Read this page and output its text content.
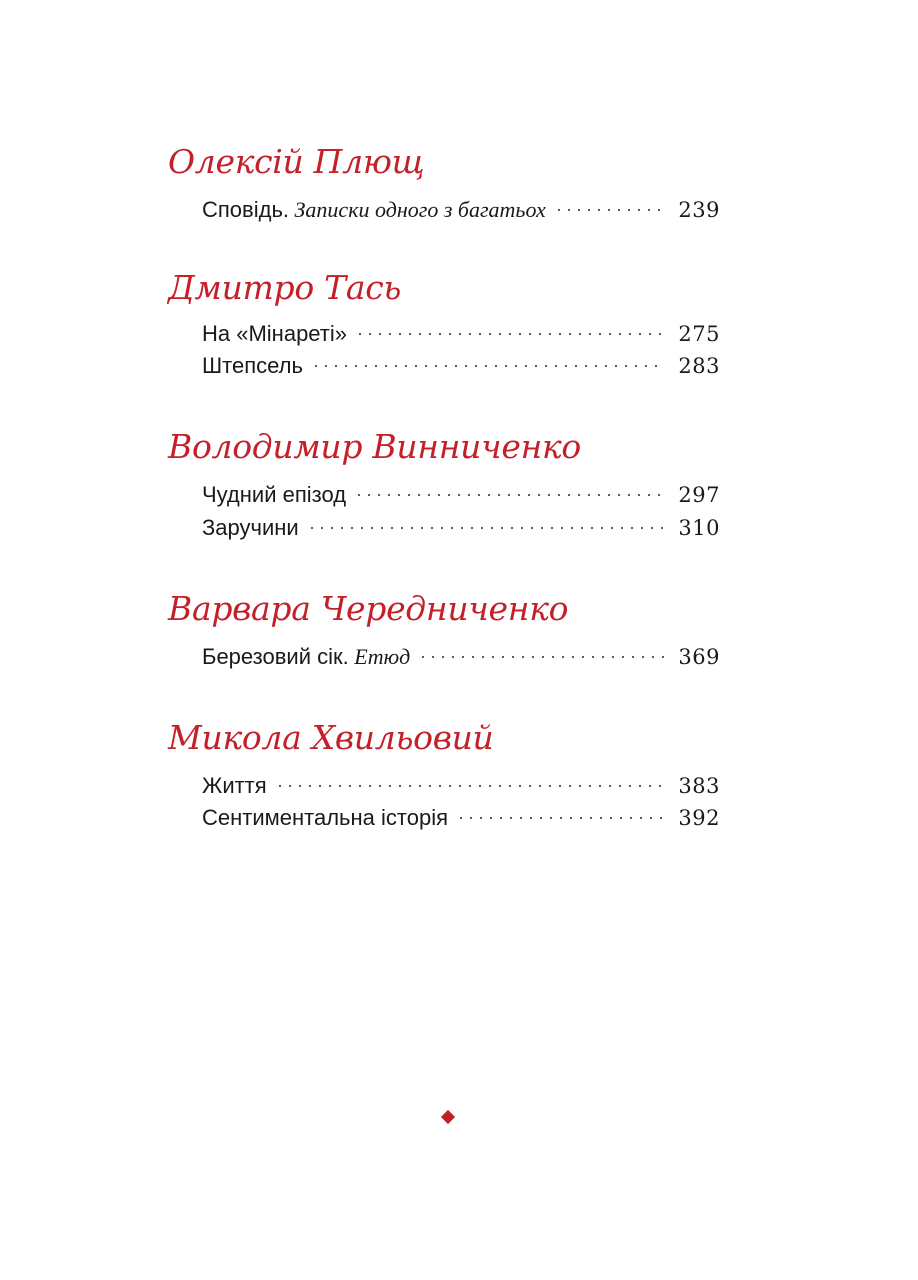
Олексій Плющ
Сповідь. Записки одного з багатьох	239
Дмитро Тась
На «Мінареті»	275
Штепсель	283
Володимир Винниченко
Чудний епізод	297
Заручини	310
Варвара Чередниченко
Березовий сік. Етюд	369
Микола Хвильовий
Життя	383
Сентиментальна історія	392
